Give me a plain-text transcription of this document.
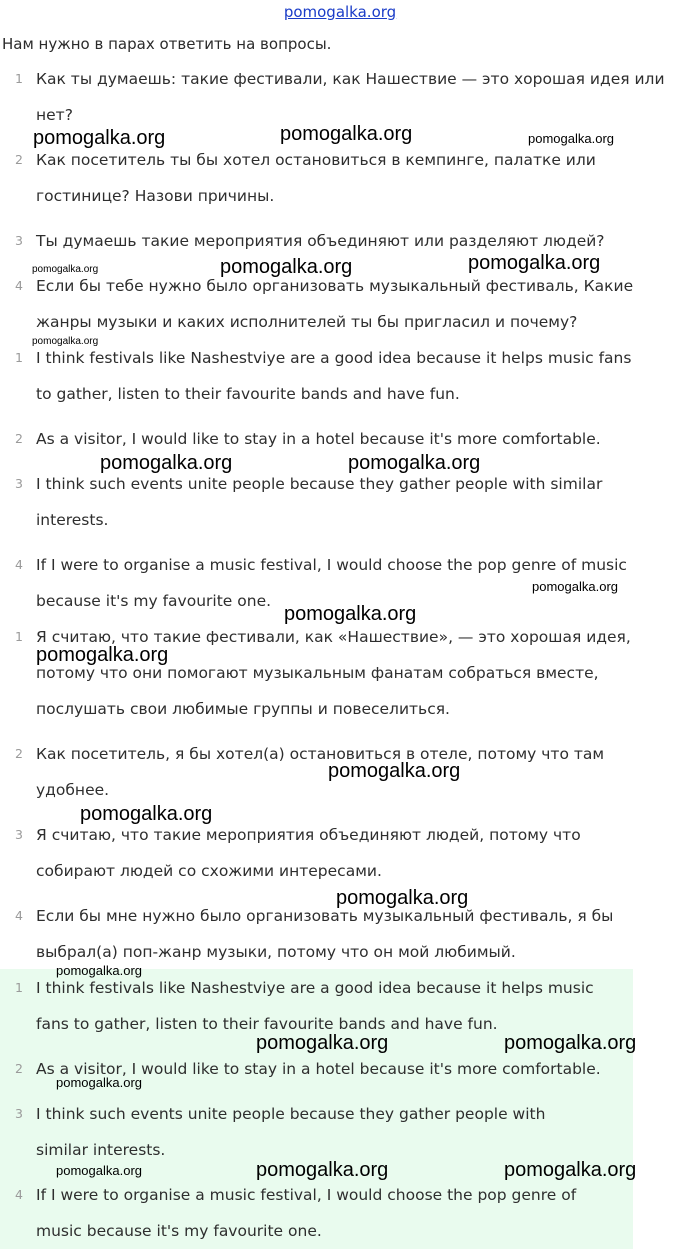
pomogalka.org
Нам нужно в парах ответить на вопросы.
1 Как ты думаешь: такие фестивали, как Нашествие — это хорошая идея или
нет?
2 Как посетитель ты бы хотел остановиться в кемпинге, палатке или
гостинице? Назови причины.
3 Ты думаешь такие мероприятия объединяют или разделяют людей?
4 Если бы тебе нужно было организовать музыкальный фестиваль, Какие
жанры музыки и каких исполнителей ты бы пригласил и почему?
1 I think festivals like Nashestviye are a good idea because it helps music fans
to gather, listen to their favourite bands and have fun.
2 As a visitor, I would like to stay in a hotel because it's more comfortable.
3 I think such events unite people because they gather people with similar
interests.
4 If I were to organise a music festival, I would choose the pop genre of music
because it's my favourite one.
1 Я считаю, что такие фестивали, как «Нашествие», — это хорошая идея,
потому что они помогают музыкальным фанатам собраться вместе,
послушать свои любимые группы и повеселиться.
2 Как посетитель, я бы хотел(а) остановиться в отеле, потому что там
удобнее.
3 Я считаю, что такие мероприятия объединяют людей, потому что
собирают людей со схожими интересами.
4 Если бы мне нужно было организовать музыкальный фестиваль, я бы
выбрал(а) поп-жанр музыки, потому что он мой любимый.
1 I think festivals like Nashestviye are a good idea because it helps music
fans to gather, listen to their favourite bands and have fun.
2 As a visitor, I would like to stay in a hotel because it's more comfortable.
3 I think such events unite people because they gather people with
similar interests.
4 If I were to organise a music festival, I would choose the pop genre of
music because it's my favourite one.
pomogalka.org	pomogalka.org	pomogalka.org
pomogalka.org	pomogalka.org	pomogalka.org
pomogalka.org
pomogalka.org	pomogalka.org
pomogalka.org
pomogalka.org
pomogalka.org
pomogalka.org
pomogalka.org
pomogalka.org
pomogalka.org
pomogalka.org	pomogalka.org
pomogalka.org
pomogalka.org	pomogalka.org	pomogalka.org
